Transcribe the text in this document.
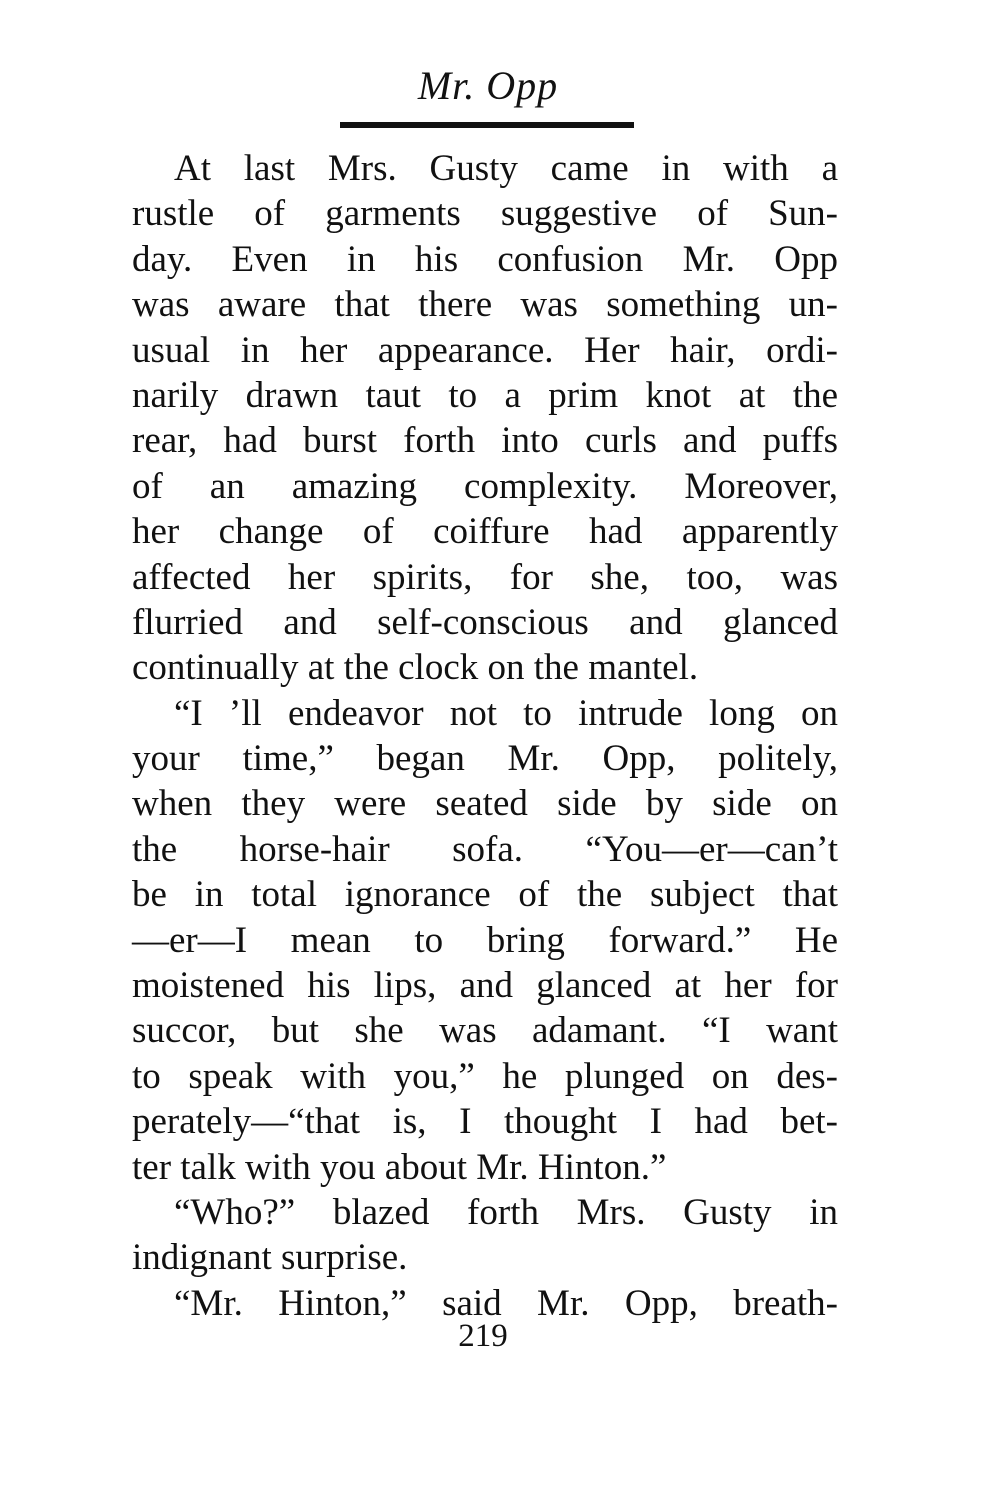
Mr. Opp
At last Mrs. Gusty came in with a
rustle of garments suggestive of Sun-
day. Even in his confusion Mr. Opp
was aware that there was something un-
usual in her appearance. Her hair, ordi-
narily drawn taut to a prim knot at the
rear, had burst forth into curls and puffs
of an amazing complexity. Moreover,
her change of coiffure had apparently
affected her spirits, for she, too, was
flurried and self-conscious and glanced
continually at the clock on the mantel.
“I ’ll endeavor not to intrude long on
your time,” began Mr. Opp, politely,
when they were seated side by side on
the horse-hair sofa. “You—er—can’t
be in total ignorance of the subject that
—er—I mean to bring forward.” He
moistened his lips, and glanced at her for
succor, but she was adamant. “I want
to speak with you,” he plunged on des-
perately—“that is, I thought I had bet-
ter talk with you about Mr. Hinton.”
“Who?” blazed forth Mrs. Gusty in
indignant surprise.
“Mr. Hinton,” said Mr. Opp, breath-
219
